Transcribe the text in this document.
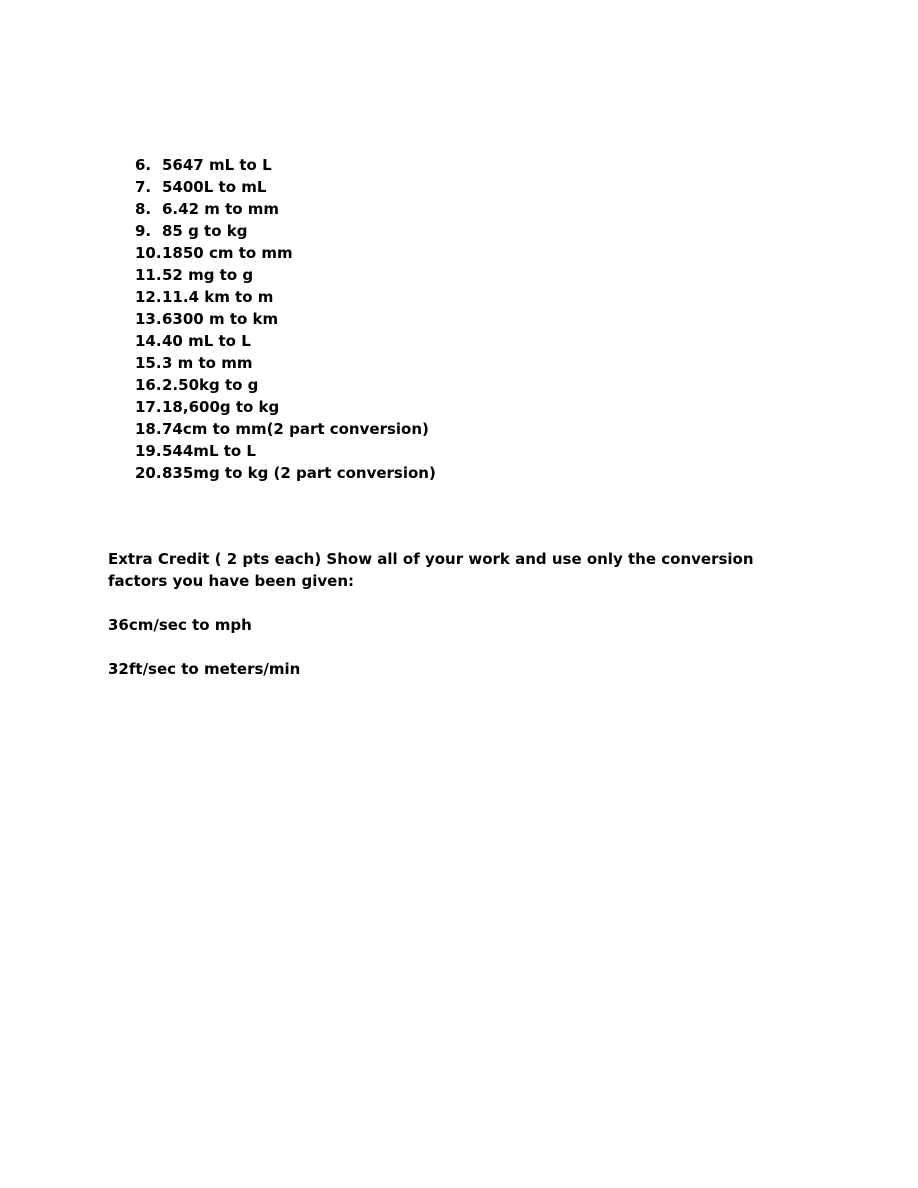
6. 5647 mL to L
7. 5400L to mL
8. 6.42 m to mm
9. 85 g to kg
10. 1850 cm to mm
11. 52 mg to g
12. 11.4 km to m
13. 6300 m to km
14. 40 mL to L
15. 3 m to mm
16. 2.50kg to g
17. 18,600g to kg
18. 74cm to mm(2 part conversion)
19. 544mL to L
20. 835mg to kg (2 part conversion)

Extra Credit ( 2 pts each) Show all of your work and use only the conversion factors you have been given:

36cm/sec to mph

32ft/sec to meters/min
